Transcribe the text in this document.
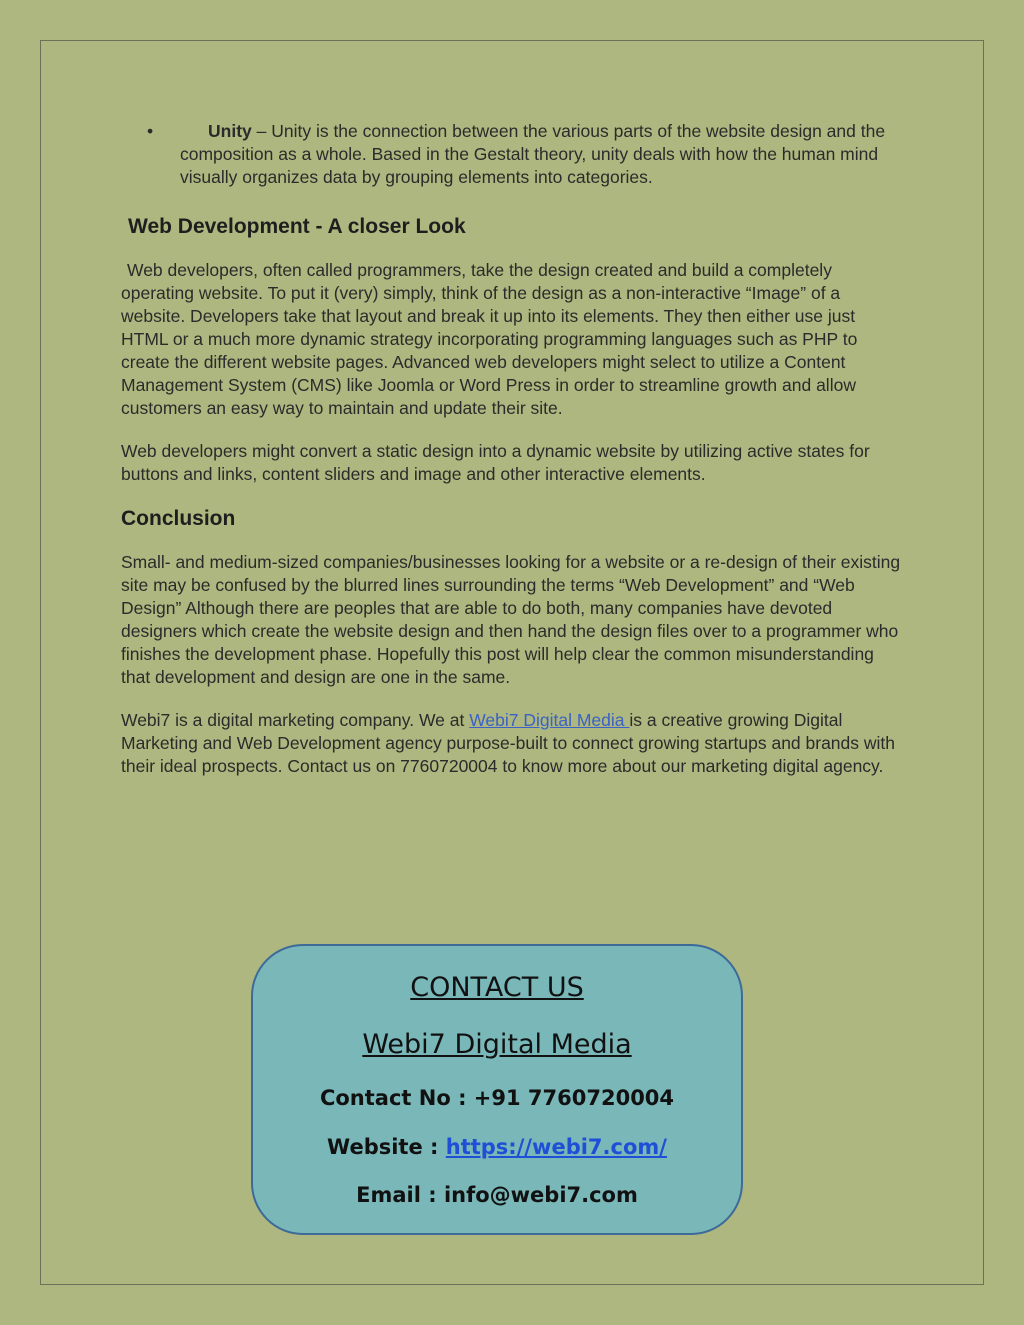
•	Unity – Unity is the connection between the various parts of the website design and the composition as a whole. Based in the Gestalt theory, unity deals with how the human mind visually organizes data by grouping elements into categories.
Web Development - A closer Look

Web developers, often called programmers, take the design created and build a completely operating website. To put it (very) simply, think of the design as a non-interactive “Image” of a website. Developers take that layout and break it up into its elements. They then either use just HTML or a much more dynamic strategy incorporating programming languages such as PHP to create the different website pages. Advanced web developers might select to utilize a Content Management System (CMS) like Joomla or Word Press in order to streamline growth and allow customers an easy way to maintain and update their site.

Web developers might convert a static design into a dynamic website by utilizing active states for buttons and links, content sliders and image and other interactive elements.

Conclusion

Small- and medium-sized companies/businesses looking for a website or a re-design of their existing site may be confused by the blurred lines surrounding the terms “Web Development” and “Web Design” Although there are peoples that are able to do both, many companies have devoted designers which create the website design and then hand the design files over to a programmer who finishes the development phase. Hopefully this post will help clear the common misunderstanding that development and design are one in the same.

Webi7 is a digital marketing company. We at Webi7 Digital Media is a creative growing Digital Marketing and Web Development agency purpose-built to connect growing startups and brands with their ideal prospects. Contact us on 7760720004 to know more about our marketing digital agency.

CONTACT US
Webi7 Digital Media
Contact No : +91 7760720004
Website : https://webi7.com/
Email : info@webi7.com
